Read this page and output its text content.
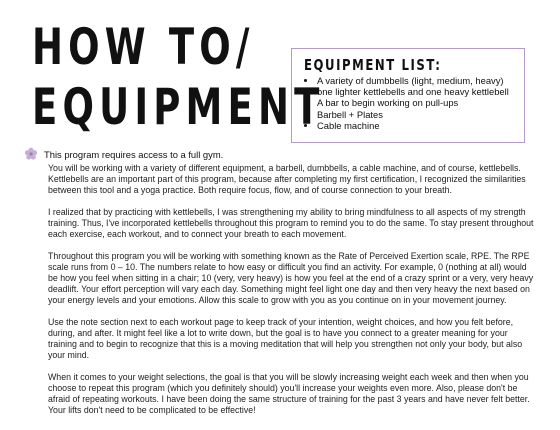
HOW TO/
EQUIPMENT
EQUIPMENT LIST:
• A variety of dumbbells (light, medium, heavy)
• one lighter kettlebells and one heavy kettlebell
• A bar to begin working on pull-ups
• Barbell + Plates
• Cable machine
This program requires access to a full gym.

You will be working with a variety of different equipment, a barbell, dumbbells, a cable machine, and of course, kettlebells. Kettlebells are an important part of this program, because after completing my first certification, I recognized the similarities between this tool and a yoga practice. Both require focus, flow, and of course connection to your breath.

I realized that by practicing with kettlebells, I was strengthening my ability to bring mindfulness to all aspects of my strength training. Thus, I've incorporated kettlebells throughout this program to remind you to do the same. To stay present throughout each exercise, each workout, and to connect your breath to each movement.

Throughout this program you will be working with something known as the Rate of Perceived Exertion scale, RPE. The RPE scale runs from 0 – 10. The numbers relate to how easy or difficult you find an activity. For example, 0 (nothing at all) would be how you feel when sitting in a chair; 10 (very, very heavy) is how you feel at the end of a crazy sprint or a very, very heavy deadlift. Your effort perception will vary each day. Something might feel light one day and then very heavy the next based on your energy levels and your emotions. Allow this scale to grow with you as you continue on in your movement journey.

Use the note section next to each workout page to keep track of your intention, weight choices, and how you felt before, during, and after. It might feel like a lot to write down, but the goal is to have you connect to a greater meaning for your training and to begin to recognize that this is a moving meditation that will help you strengthen not only your body, but also your mind.

When it comes to your weight selections, the goal is that you will be slowly increasing weight each week and then when you choose to repeat this program (which you definitely should) you'll increase your weights even more. Also, please don't be afraid of repeating workouts. I have been doing the same structure of training for the past 3 years and have never felt better. Your lifts don't need to be complicated to be effective!
